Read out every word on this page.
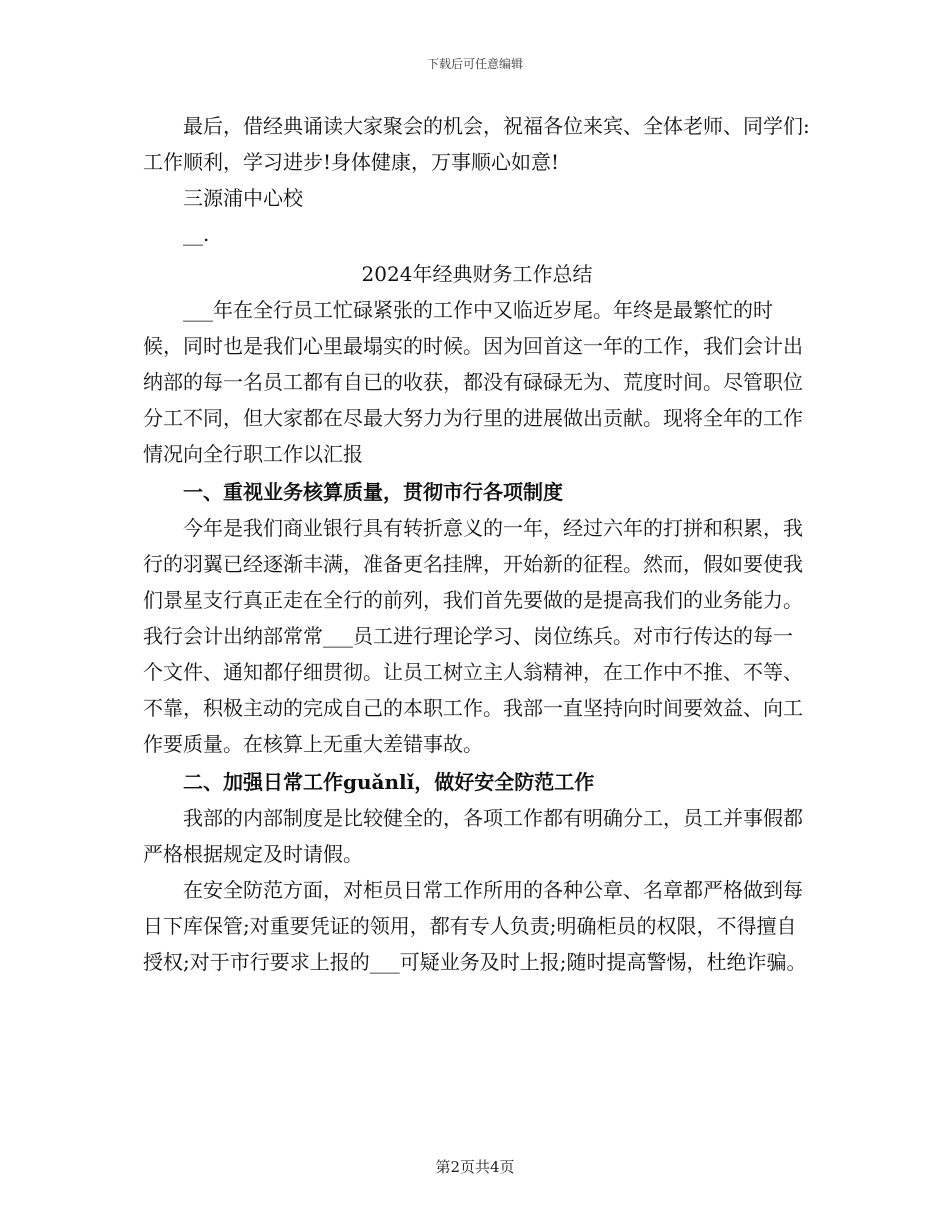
下载后可任意编辑

最后，借经典诵读大家聚会的机会，祝福各位来宾、全体老师、同学们:工作顺利，学习进步!身体健康，万事顺心如意!

三源浦中心校

__.

2024年经典财务工作总结

___年在全行员工忙碌紧张的工作中又临近岁尾。年终是最繁忙的时候，同时也是我们心里最塌实的时候。因为回首这一年的工作，我们会计出纳部的每一名员工都有自已的收获，都没有碌碌无为、荒度时间。尽管职位分工不同，但大家都在尽最大努力为行里的进展做出贡献。现将全年的工作情况向全行职工作以汇报

一、重视业务核算质量，贯彻市行各项制度

今年是我们商业银行具有转折意义的一年，经过六年的打拼和积累，我行的羽翼已经逐渐丰满，准备更名挂牌，开始新的征程。然而，假如要使我们景星支行真正走在全行的前列，我们首先要做的是提高我们的业务能力。我行会计出纳部常常___员工进行理论学习、岗位练兵。对市行传达的每一个文件、通知都仔细贯彻。让员工树立主人翁精神，在工作中不推、不等、不靠，积极主动的完成自己的本职工作。我部一直坚持向时间要效益、向工作要质量。在核算上无重大差错事故。

二、加强日常工作guǎnlǐ，做好安全防范工作

我部的内部制度是比较健全的，各项工作都有明确分工，员工并事假都严格根据规定及时请假。

在安全防范方面，对柜员日常工作所用的各种公章、名章都严格做到每日下库保管;对重要凭证的领用，都有专人负责;明确柜员的权限，不得擅自授权;对于市行要求上报的___可疑业务及时上报;随时提高警惕，杜绝诈骗。

第2页共4页
